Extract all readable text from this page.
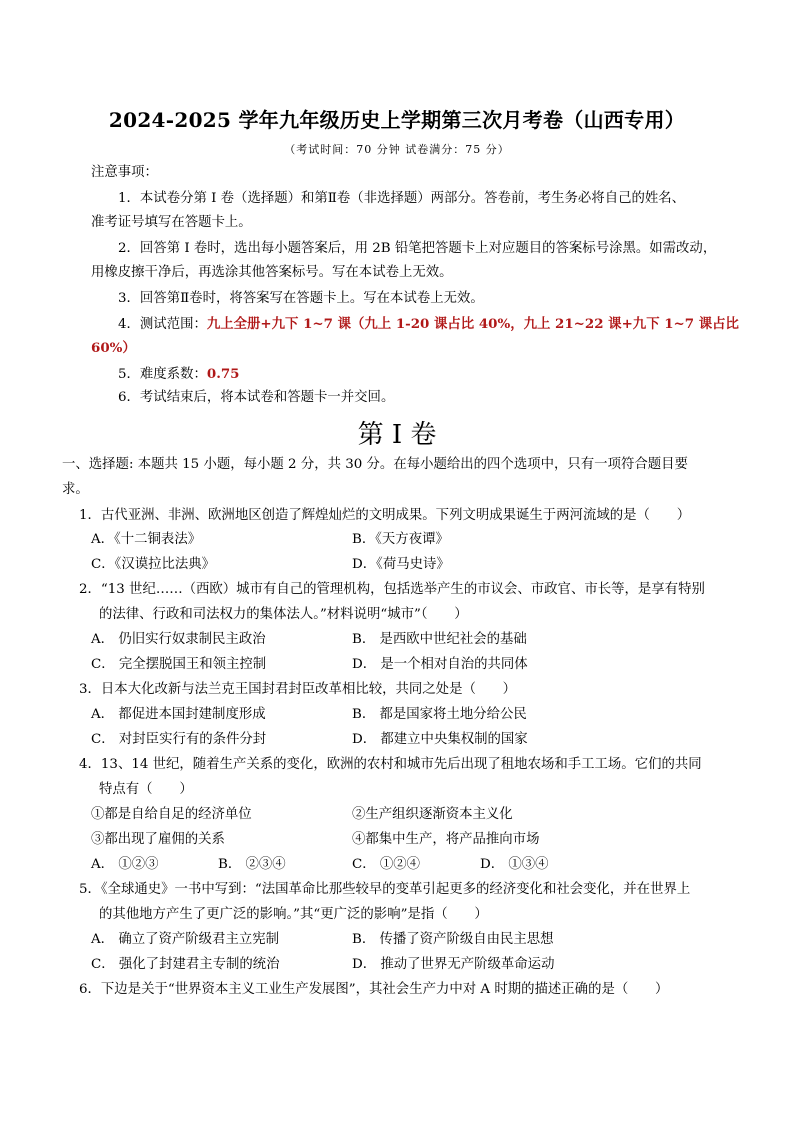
2024-2025 学年九年级历史上学期第三次月考卷（山西专用）
（考试时间：70 分钟 试卷满分：75 分）
注意事项：
1．本试卷分第 I 卷（选择题）和第Ⅱ卷（非选择题）两部分。答卷前，考生务必将自己的姓名、
准考证号填写在答题卡上。
2．回答第 I 卷时，选出每小题答案后，用 2B 铅笔把答题卡上对应题目的答案标号涂黑。如需改动，
用橡皮擦干净后，再选涂其他答案标号。写在本试卷上无效。
3．回答第Ⅱ卷时，将答案写在答题卡上。写在本试卷上无效。
4．测试范围：九上全册+九下 1~7 课（九上 1-20 课占比 40%，九上 21~22 课+九下 1~7 课占比
60%）
5．难度系数：0.75
6．考试结束后，将本试卷和答题卡一并交回。
第 I 卷
一、选择题: 本题共 15 小题，每小题 2 分，共 30 分。在每小题给出的四个选项中，只有一项符合题目要
求。
1．古代亚洲、非洲、欧洲地区创造了辉煌灿烂的文明成果。下列文明成果诞生于两河流域的是（　　）
A．《十二铜表法》	B．《天方夜谭》
C．《汉谟拉比法典》	D．《荷马史诗》
2．“13 世纪……（西欧）城市有自己的管理机构，包括选举产生的市议会、市政官、市长等，是享有特别
的法律、行政和司法权力的集体法人。”材料说明“城市”（　　）
A． 仍旧实行奴隶制民主政治	B． 是西欧中世纪社会的基础
C． 完全摆脱国王和领主控制	D． 是一个相对自治的共同体
3．日本大化改新与法兰克王国封君封臣改革相比较，共同之处是（　　）
A． 都促进本国封建制度形成	B． 都是国家将土地分给公民
C． 对封臣实行有的条件分封	D． 都建立中央集权制的国家
4．13、14 世纪，随着生产关系的变化，欧洲的农村和城市先后出现了租地农场和手工工场。它们的共同
特点有（　　）
①都是自给自足的经济单位	②生产组织逐渐资本主义化
③都出现了雇佣的关系	④都集中生产，将产品推向市场
A． ①②③	B． ②③④	C． ①②④	D． ①③④
5．《全球通史》一书中写到：“法国革命比那些较早的变革引起更多的经济变化和社会变化，并在世界上
的其他地方产生了更广泛的影响。”其“更广泛的影响”是指（　　）
A． 确立了资产阶级君主立宪制	B． 传播了资产阶级自由民主思想
C． 强化了封建君主专制的统治	D． 推动了世界无产阶级革命运动
6．下边是关于“世界资本主义工业生产发展图”，其社会生产力中对 A 时期的描述正确的是（　　）
